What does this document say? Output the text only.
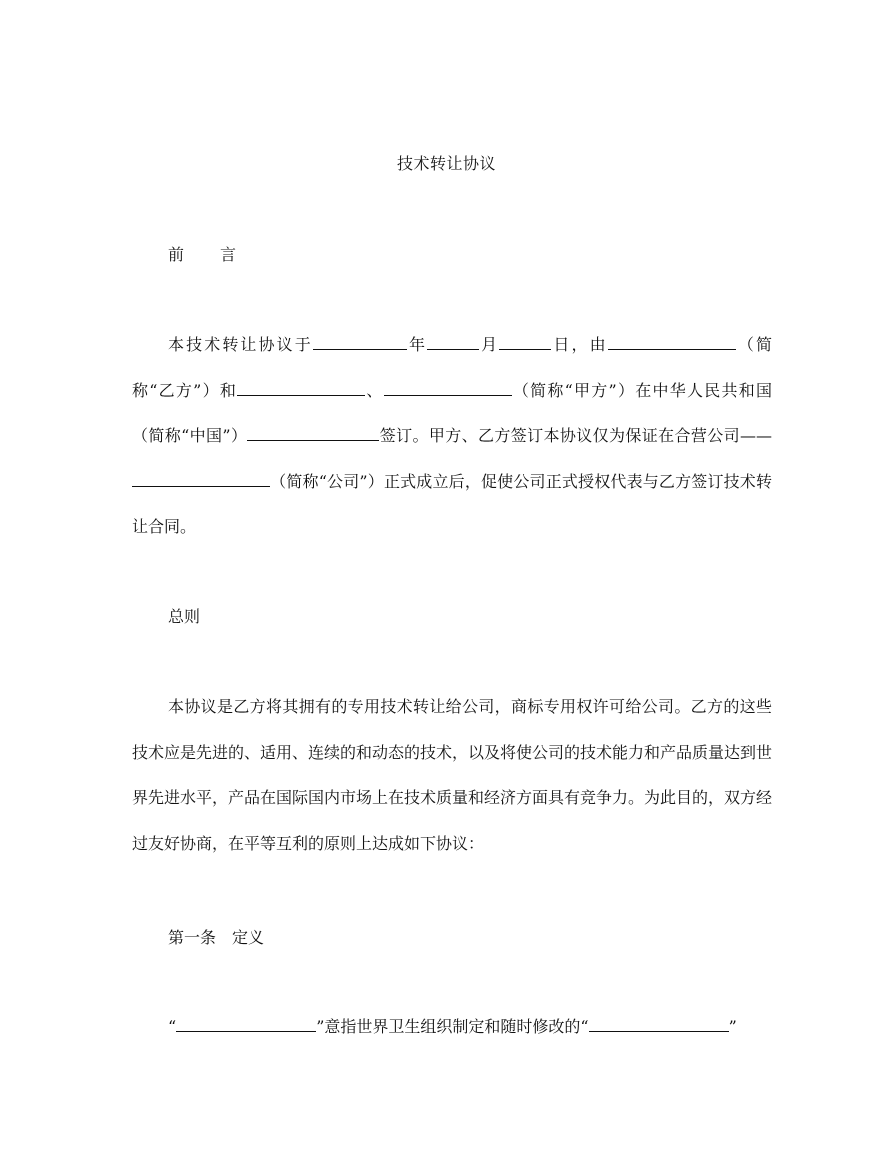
技术转让协议
前 言

本技术转让协议于	年	月	日，由	（简称“乙方”）和	、	（简称“甲方”）在中华人民共和国（简称“中国”）	签订。甲方、乙方签订本协议仅为保证在合营公司——（简称“公司”）正式成立后，促使公司正式授权代表与乙方签订技术转让合同。

总则

本协议是乙方将其拥有的专用技术转让给公司，商标专用权许可给公司。乙方的这些技术应是先进的、适用、连续的和动态的技术，以及将使公司的技术能力和产品质量达到世界先进水平，产品在国际国内市场上在技术质量和经济方面具有竞争力。为此目的，双方经过友好协商，在平等互利的原则上达成如下协议：

第一条 定义

“	”意指世界卫生组织制定和随时修改的“	”
